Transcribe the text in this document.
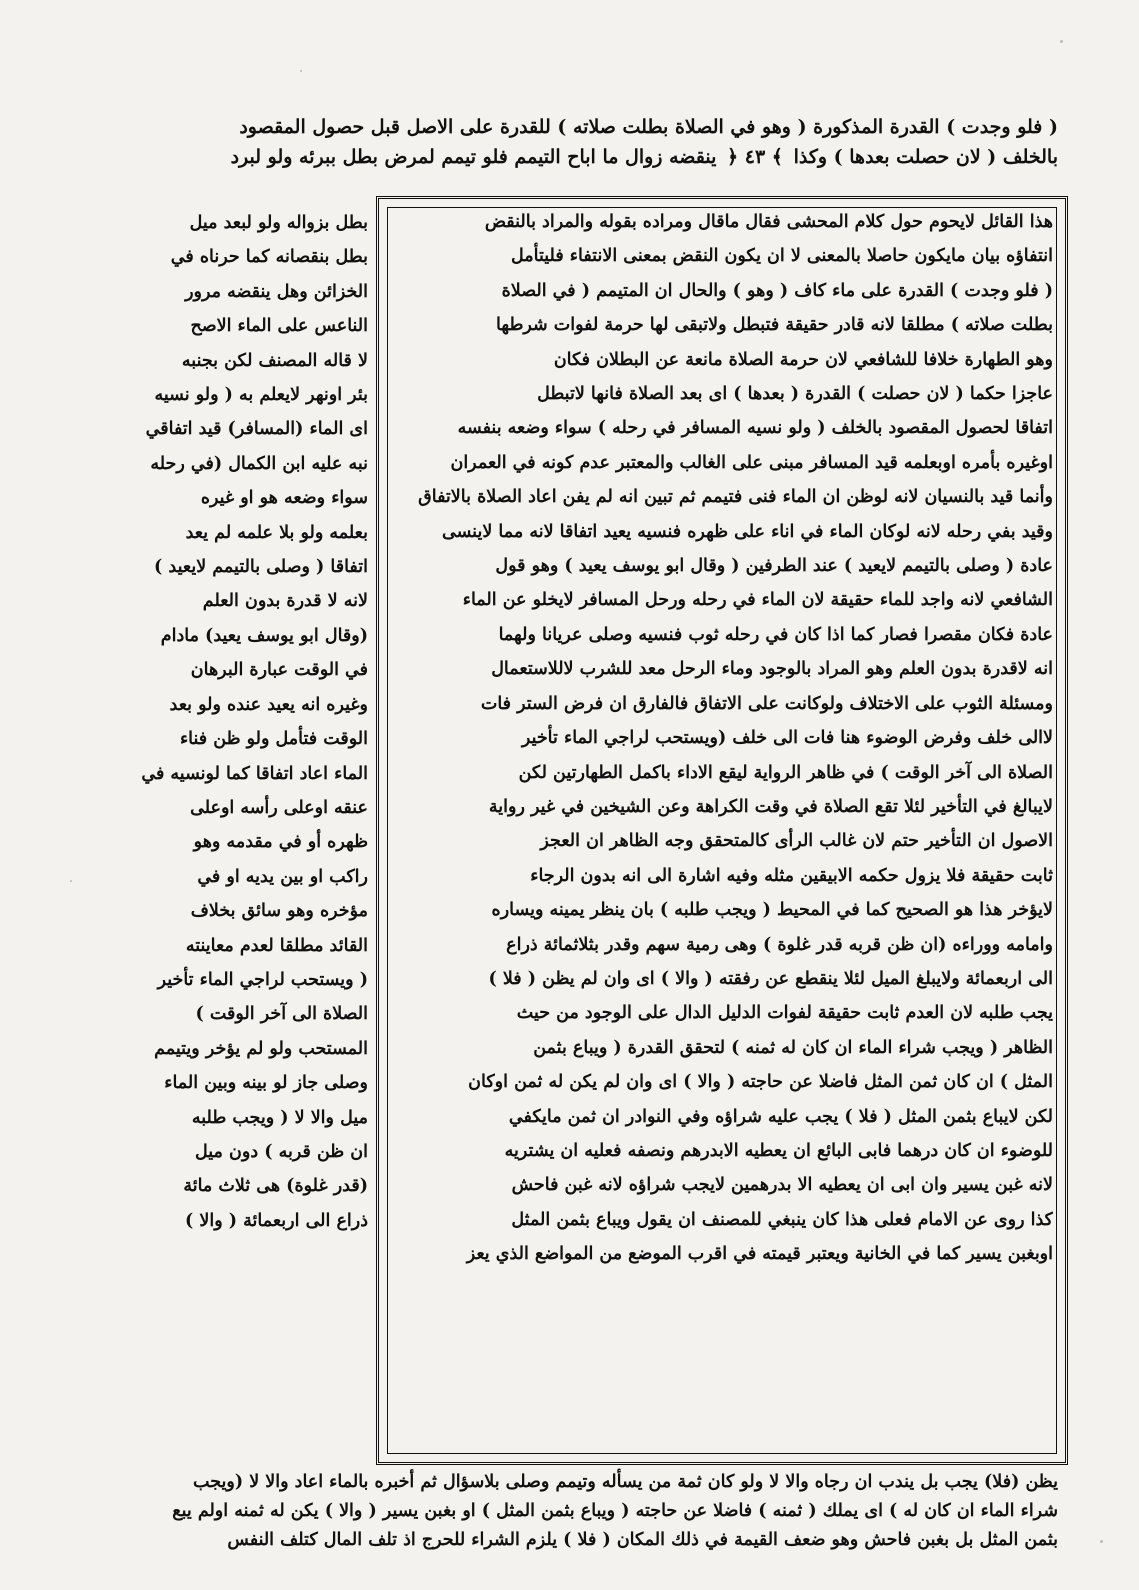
( فلو وجدت ) القدرة المذكورة ( وهو في الصلاة بطلت صلاته ) للقدرة على الاصل قبل حصول المقصود
بالخلف ( لان حصلت بعدها ) وكذا ﴾ ٤٣ ﴿ ينقضه زوال ما اباح التيمم فلو تيمم لمرض بطل ببرئه ولو لبرد
هذا القائل لايحوم حول كلام المحشى فقال ماقال ومراده بقوله والمراد بالنقض
انتفاؤه بيان مايكون حاصلا بالمعنى لا ان يكون النقض بمعنى الانتفاء فليتأمل
( فلو وجدت ) القدرة على ماء كاف ( وهو ) والحال ان المتيمم ( في الصلاة
بطلت صلاته ) مطلقا لانه قادر حقيقة فتبطل ولاتبقى لها حرمة لفوات شرطها
وهو الطهارة خلافا للشافعي لان حرمة الصلاة مانعة عن البطلان فكان
عاجزا حكما ( لان حصلت ) القدرة ( بعدها ) اى بعد الصلاة فانها لاتبطل
اتفاقا لحصول المقصود بالخلف ( ولو نسيه المسافر في رحله ) سواء وضعه بنفسه
اوغيره بأمره اوبعلمه قيد المسافر مبنى على الغالب والمعتبر عدم كونه في العمران
وأنما قيد بالنسيان لانه لوظن ان الماء فنى فتيمم ثم تبين انه لم يفن اعاد الصلاة بالاتفاق
وقيد بفي رحله لانه لوكان الماء في اناء على ظهره فنسيه يعيد اتفاقا لانه مما لاينسى
عادة ( وصلى بالتيمم لايعيد ) عند الطرفين ( وقال ابو يوسف يعيد ) وهو قول
الشافعي لانه واجد للماء حقيقة لان الماء في رحله ورحل المسافر لايخلو عن الماء
عادة فكان مقصرا فصار كما اذا كان في رحله ثوب فنسيه وصلى عريانا ولهما
انه لاقدرة بدون العلم وهو المراد بالوجود وماء الرحل معد للشرب لاللاستعمال
ومسئلة الثوب على الاختلاف ولوكانت على الاتفاق فالفارق ان فرض الستر فات
لاالى خلف وفرض الوضوء هنا فات الى خلف (ويستحب لراجي الماء تأخير
الصلاة الى آخر الوقت ) في ظاهر الرواية ليقع الاداء باكمل الطهارتين لكن
لايبالغ في التأخير لئلا تقع الصلاة في وقت الكراهة وعن الشيخين في غير رواية
الاصول ان التأخير حتم لان غالب الرأى كالمتحقق وجه الظاهر ان العجز
ثابت حقيقة فلا يزول حكمه الابيقين مثله وفيه اشارة الى انه بدون الرجاء
لايؤخر هذا هو الصحيح كما في المحيط ( ويجب طلبه ) بان ينظر يمينه ويساره
وامامه ووراءه (ان ظن قربه قدر غلوة ) وهى رمية سهم وقدر بثلاثمائة ذراع
الى اربعمائة ولايبلغ الميل لئلا ينقطع عن رفقته ( والا ) اى وان لم يظن ( فلا )
يجب طلبه لان العدم ثابت حقيقة لفوات الدليل الدال على الوجود من حيث
الظاهر ( ويجب شراء الماء ان كان له ثمنه ) لتحقق القدرة ( ويباع بثمن
المثل ) ان كان ثمن المثل فاضلا عن حاجته ( والا ) اى وان لم يكن له ثمن اوكان
لكن لايباع بثمن المثل ( فلا ) يجب عليه شراؤه وفي النوادر ان ثمن مايكفي
للوضوء ان كان درهما فابى البائع ان يعطيه الابدرهم ونصفه فعليه ان يشتريه
لانه غبن يسير وان ابى ان يعطيه الا بدرهمين لايجب شراؤه لانه غبن فاحش
كذا روى عن الامام فعلى هذا كان ينبغي للمصنف ان يقول ويباع بثمن المثل
اوبغبن يسير كما في الخانية ويعتبر قيمته في اقرب الموضع من المواضع الذي يعز
بطل بزواله ولو لبعد ميل
بطل بنقصانه كما حرناه في
الخزائن وهل ينقضه مرور
الناعس على الماء الاصح
لا قاله المصنف لكن بجنبه
بئر اونهر لايعلم به ( ولو نسيه
اى الماء (المسافر) قيد اتفاقي
نبه عليه ابن الكمال (في رحله
سواء وضعه هو او غيره
بعلمه ولو بلا علمه لم يعد
اتفاقا ( وصلى بالتيمم لايعيد )
لانه لا قدرة بدون العلم
(وقال ابو يوسف يعيد) مادام
في الوقت عبارة البرهان
وغيره انه يعيد عنده ولو بعد
الوقت فتأمل ولو ظن فناء
الماء اعاد اتفاقا كما لونسيه في
عنقه اوعلى رأسه اوعلى
ظهره أو في مقدمه وهو
راكب او بين يديه او في
مؤخره وهو سائق بخلاف
القائد مطلقا لعدم معاينته
( ويستحب لراجي الماء تأخير
الصلاة الى آخر الوقت )
المستحب ولو لم يؤخر ويتيمم
وصلى جاز لو بينه وبين الماء
ميل والا لا ( ويجب طلبه
ان ظن قربه ) دون ميل
(قدر غلوة) هى ثلاث مائة
ذراع الى اربعمائة ( والا )
يظن (فلا) يجب بل يندب ان رجاه والا لا ولو كان ثمة من يسأله وتيمم وصلى بلاسؤال ثم أخبره بالماء اعاد والا لا (ويجب
شراء الماء ان كان له ) اى يملك ( ثمنه ) فاضلا عن حاجته ( ويباع بثمن المثل ) او بغبن يسير ( والا ) يكن له ثمنه اولم يبع
بثمن المثل بل بغبن فاحش وهو ضعف القيمة في ذلك المكان ( فلا ) يلزم الشراء للحرج اذ تلف المال كتلف النفس
